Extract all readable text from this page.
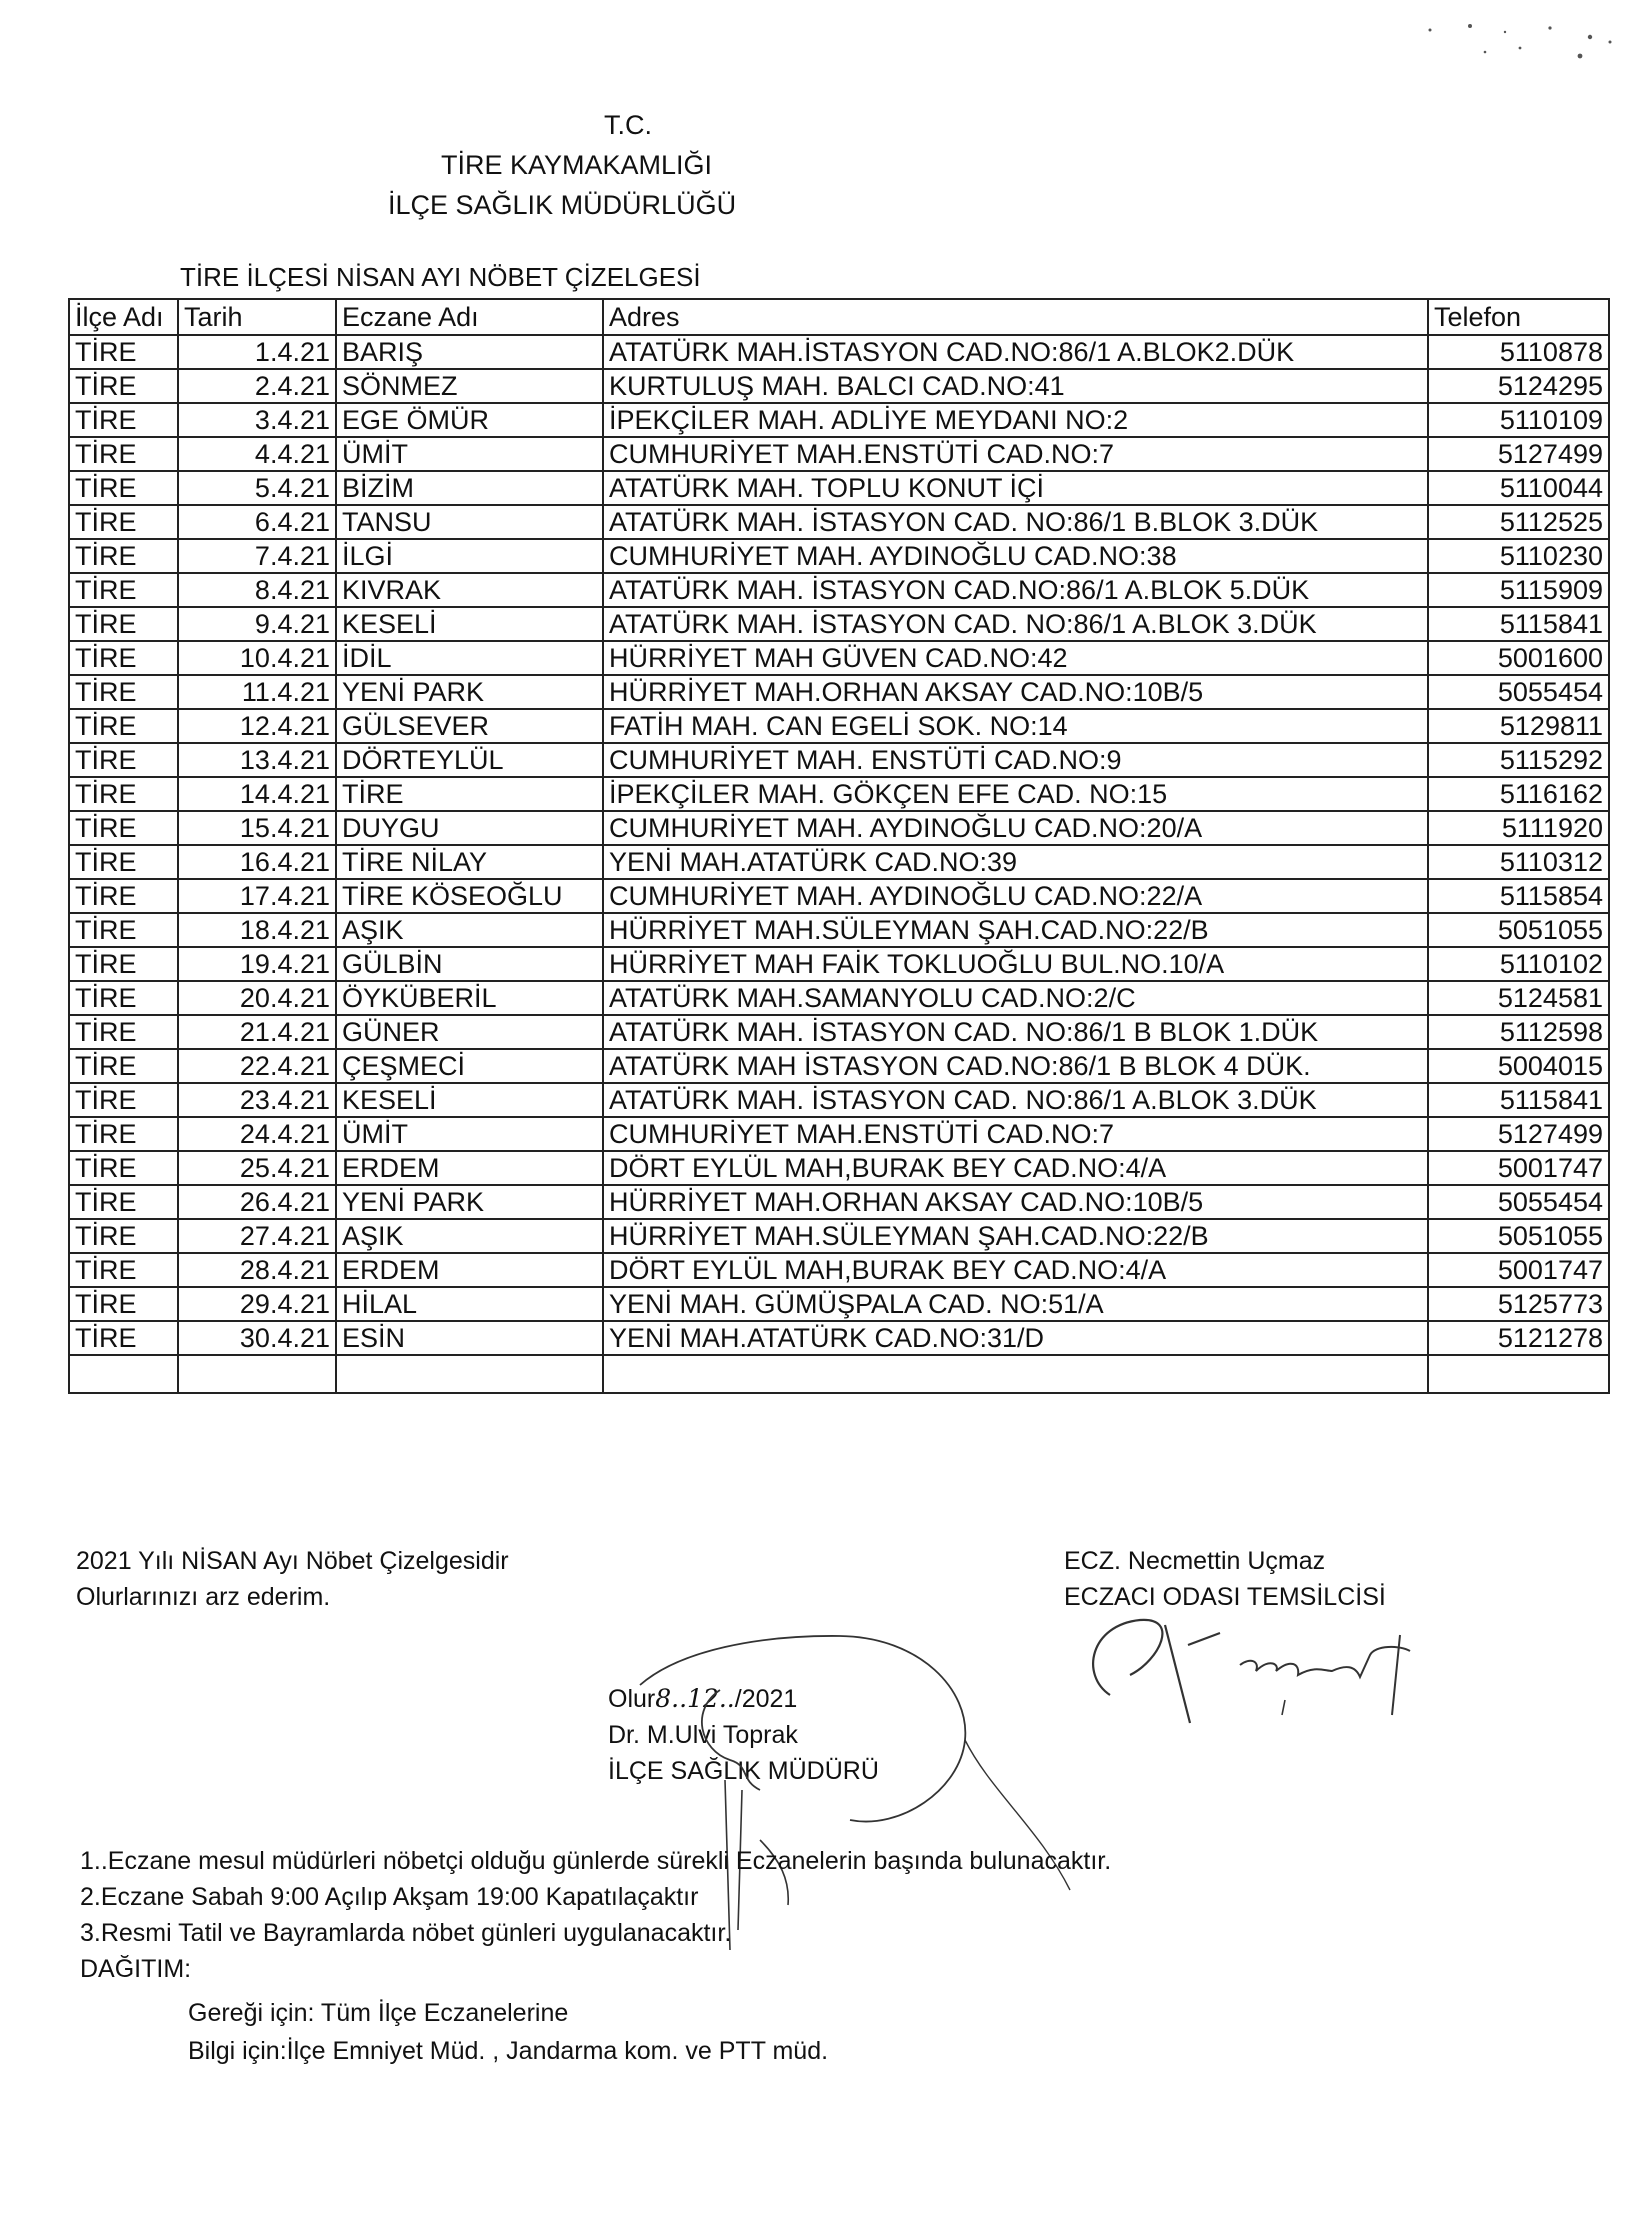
T.C.
TİRE KAYMAKAMLIĞI
İLÇE SAĞLIK MÜDÜRLÜĞÜ
TİRE İLÇESİ NİSAN AYI NÖBET ÇİZELGESİ
İlçe Adı	Tarih	Eczane Adı	Adres	Telefon
TİRE	1.4.21	BARIŞ	ATATÜRK MAH.İSTASYON CAD.NO:86/1 A.BLOK2.DÜK	5110878
TİRE	2.4.21	SÖNMEZ	KURTULUŞ MAH. BALCI CAD.NO:41	5124295
TİRE	3.4.21	EGE ÖMÜR	İPEKÇİLER MAH. ADLİYE MEYDANI NO:2	5110109
TİRE	4.4.21	ÜMİT	CUMHURİYET MAH.ENSTÜTİ CAD.NO:7	5127499
TİRE	5.4.21	BİZİM	ATATÜRK MAH. TOPLU KONUT İÇİ	5110044
TİRE	6.4.21	TANSU	ATATÜRK MAH. İSTASYON CAD. NO:86/1 B.BLOK 3.DÜK	5112525
TİRE	7.4.21	İLGİ	CUMHURİYET MAH. AYDINOĞLU CAD.NO:38	5110230
TİRE	8.4.21	KIVRAK	ATATÜRK MAH. İSTASYON CAD.NO:86/1 A.BLOK 5.DÜK	5115909
TİRE	9.4.21	KESELİ	ATATÜRK MAH. İSTASYON CAD. NO:86/1 A.BLOK 3.DÜK	5115841
TİRE	10.4.21	İDİL	HÜRRİYET MAH GÜVEN CAD.NO:42	5001600
TİRE	11.4.21	YENİ PARK	HÜRRİYET MAH.ORHAN AKSAY CAD.NO:10B/5	5055454
TİRE	12.4.21	GÜLSEVER	FATİH MAH. CAN EGELİ SOK. NO:14	5129811
TİRE	13.4.21	DÖRTEYLÜL	CUMHURİYET MAH. ENSTÜTİ CAD.NO:9	5115292
TİRE	14.4.21	TİRE	İPEKÇİLER MAH. GÖKÇEN EFE CAD. NO:15	5116162
TİRE	15.4.21	DUYGU	CUMHURİYET MAH. AYDINOĞLU CAD.NO:20/A	5111920
TİRE	16.4.21	TİRE NİLAY	YENİ MAH.ATATÜRK CAD.NO:39	5110312
TİRE	17.4.21	TİRE KÖSEOĞLU	CUMHURİYET MAH. AYDINOĞLU CAD.NO:22/A	5115854
TİRE	18.4.21	AŞIK	HÜRRİYET MAH.SÜLEYMAN ŞAH.CAD.NO:22/B	5051055
TİRE	19.4.21	GÜLBİN	HÜRRİYET MAH FAİK TOKLUOĞLU BUL.NO.10/A	5110102
TİRE	20.4.21	ÖYKÜBERİL	ATATÜRK MAH.SAMANYOLU CAD.NO:2/C	5124581
TİRE	21.4.21	GÜNER	ATATÜRK MAH. İSTASYON CAD. NO:86/1 B BLOK 1.DÜK	5112598
TİRE	22.4.21	ÇEŞMECİ	ATATÜRK MAH İSTASYON CAD.NO:86/1 B BLOK 4 DÜK.	5004015
TİRE	23.4.21	KESELİ	ATATÜRK MAH. İSTASYON CAD. NO:86/1 A.BLOK 3.DÜK	5115841
TİRE	24.4.21	ÜMİT	CUMHURİYET MAH.ENSTÜTİ CAD.NO:7	5127499
TİRE	25.4.21	ERDEM	DÖRT EYLÜL MAH,BURAK BEY CAD.NO:4/A	5001747
TİRE	26.4.21	YENİ PARK	HÜRRİYET MAH.ORHAN AKSAY CAD.NO:10B/5	5055454
TİRE	27.4.21	AŞIK	HÜRRİYET MAH.SÜLEYMAN ŞAH.CAD.NO:22/B	5051055
TİRE	28.4.21	ERDEM	DÖRT EYLÜL MAH,BURAK BEY CAD.NO:4/A	5001747
TİRE	29.4.21	HİLAL	YENİ MAH. GÜMÜŞPALA CAD. NO:51/A	5125773
TİRE	30.4.21	ESİN	YENİ MAH.ATATÜRK CAD.NO:31/D	5121278

2021 Yılı NİSAN Ayı Nöbet Çizelgesidir
Olurlarınızı arz ederim.
ECZ. Necmettin Uçmaz
ECZACI ODASI TEMSİLCİSİ
Olur8..12../2021
Dr. M.Ulvi Toprak
İLÇE SAĞLIK MÜDÜRÜ
1..Eczane mesul müdürleri nöbetçi olduğu günlerde sürekli Eczanelerin başında bulunacaktır.
2.Eczane Sabah 9:00 Açılıp Akşam 19:00 Kapatılaçaktır
3.Resmi Tatil ve Bayramlarda nöbet günleri uygulanacaktır.
DAĞITIM:
Gereği için: Tüm İlçe Eczanelerine
Bilgi için:İlçe Emniyet Müd. , Jandarma kom. ve PTT müd.
